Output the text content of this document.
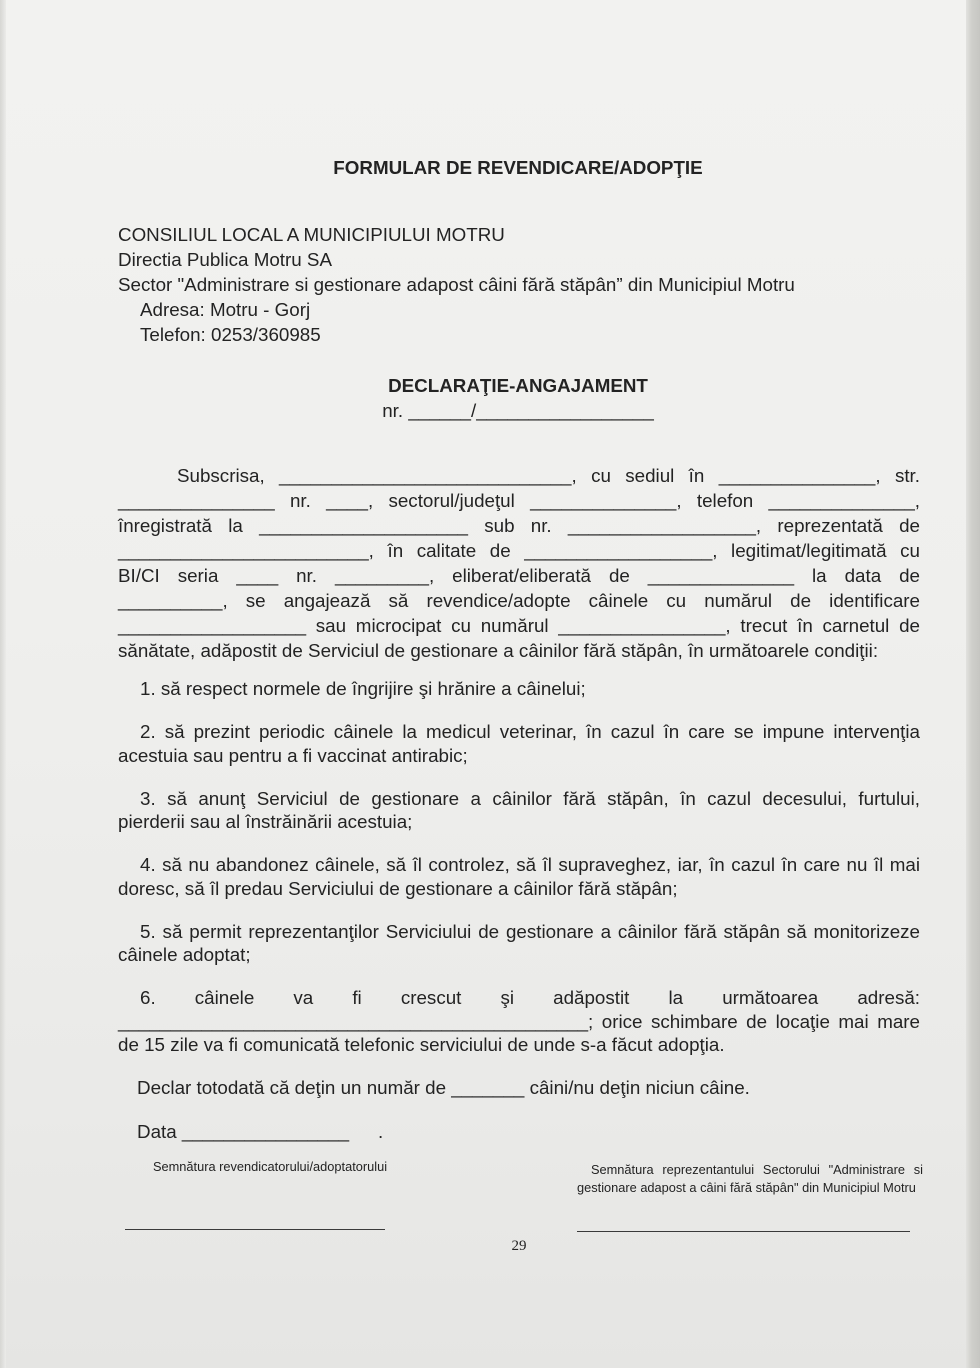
FORMULAR DE REVENDICARE/ADOPŢIE
CONSILIUL LOCAL A MUNICIPIULUI MOTRU
Directia Publica Motru SA
Sector "Administrare si gestionare adapost câini fără stăpân” din Municipiul Motru
Adresa: Motru - Gorj
Telefon: 0253/360985
DECLARAŢIE-ANGAJAMENT
nr. ______/_________________
Subscrisa, ____________________________, cu sediul în _______________, str.
_______________ nr. ____, sectorul/judeţul ______________, telefon ______________,
înregistrată la ____________________ sub nr. __________________, reprezentată de
________________________, în calitate de __________________, legitimat/legitimată cu
BI/CI seria ____ nr. _________, eliberat/eliberată de ______________ la data de
__________, se angajează să revendice/adopte câinele cu numărul de identificare
__________________ sau microcipat cu numărul ________________, trecut în carnetul de
sănătate, adăpostit de Serviciul de gestionare a câinilor fără stăpân, în următoarele condiţii:
1. să respect normele de îngrijire şi hrănire a câinelui;
2. să prezint periodic câinele la medicul veterinar, în cazul în care se impune intervenţia
acestuia sau pentru a fi vaccinat antirabic;
3. să anunţ Serviciul de gestionare a câinilor fără stăpân, în cazul decesului, furtului,
pierderii sau al înstrăinării acestuia;
4. să nu abandonez câinele, să îl controlez, să îl supraveghez, iar, în cazul în care nu îl mai
doresc, să îl predau Serviciului de gestionare a câinilor fără stăpân;
5. să permit reprezentanţilor Serviciului de gestionare a câinilor fără stăpân să monitorizeze
câinele adoptat;
6. câinele va fi crescut şi adăpostit la următoarea adresă:
_____________________________________________; orice schimbare de locaţie mai mare
de 15 zile va fi comunicată telefonic serviciului de unde s-a făcut adopţia.
Declar totodată că deţin un număr de _______ câini/nu deţin niciun câine.
Data ________________ .
Semnătura revendicatorului/adoptatorului	Semnătura reprezentantului Sectorului "Administrare si
gestionare adapost a câini fără stăpân" din Municipiul Motru
29
